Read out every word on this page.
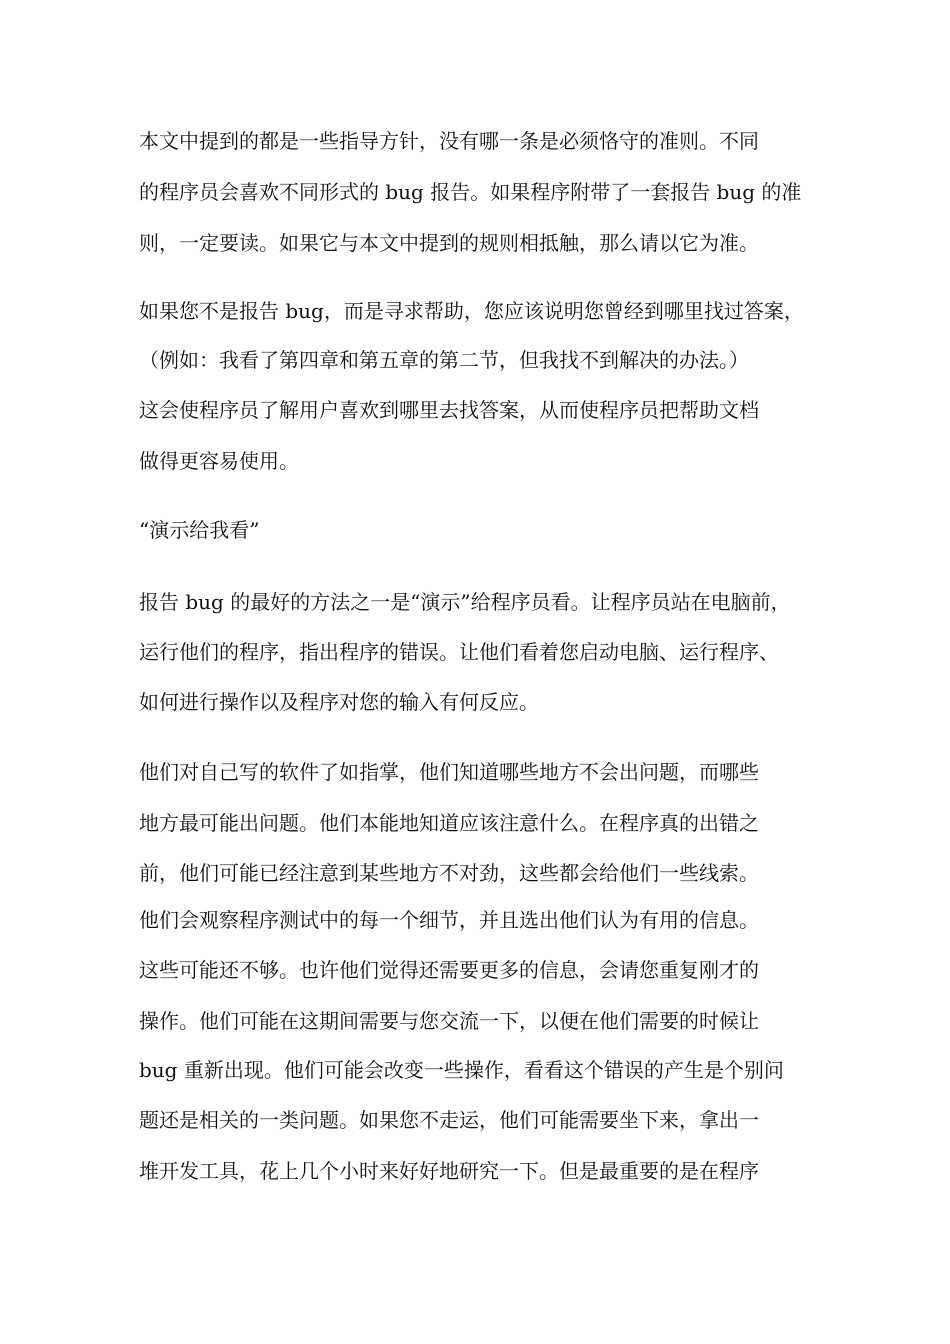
本文中提到的都是一些指导方针，没有哪一条是必须恪守的准则。不同
的程序员会喜欢不同形式的 bug 报告。如果程序附带了一套报告 bug 的准
则，一定要读。如果它与本文中提到的规则相抵触，那么请以它为准。
如果您不是报告 bug，而是寻求帮助，您应该说明您曾经到哪里找过答案，
（例如：我看了第四章和第五章的第二节，但我找不到解决的办法。）
这会使程序员了解用户喜欢到哪里去找答案，从而使程序员把帮助文档
做得更容易使用。
“演示给我看”
报告 bug 的最好的方法之一是“演示”给程序员看。让程序员站在电脑前，
运行他们的程序，指出程序的错误。让他们看着您启动电脑、运行程序、
如何进行操作以及程序对您的输入有何反应。
他们对自己写的软件了如指掌，他们知道哪些地方不会出问题，而哪些
地方最可能出问题。他们本能地知道应该注意什么。在程序真的出错之
前，他们可能已经注意到某些地方不对劲，这些都会给他们一些线索。
他们会观察程序测试中的每一个细节，并且选出他们认为有用的信息。
这些可能还不够。也许他们觉得还需要更多的信息，会请您重复刚才的
操作。他们可能在这期间需要与您交流一下，以便在他们需要的时候让
bug 重新出现。他们可能会改变一些操作，看看这个错误的产生是个别问
题还是相关的一类问题。如果您不走运，他们可能需要坐下来，拿出一
堆开发工具，花上几个小时来好好地研究一下。但是最重要的是在程序
